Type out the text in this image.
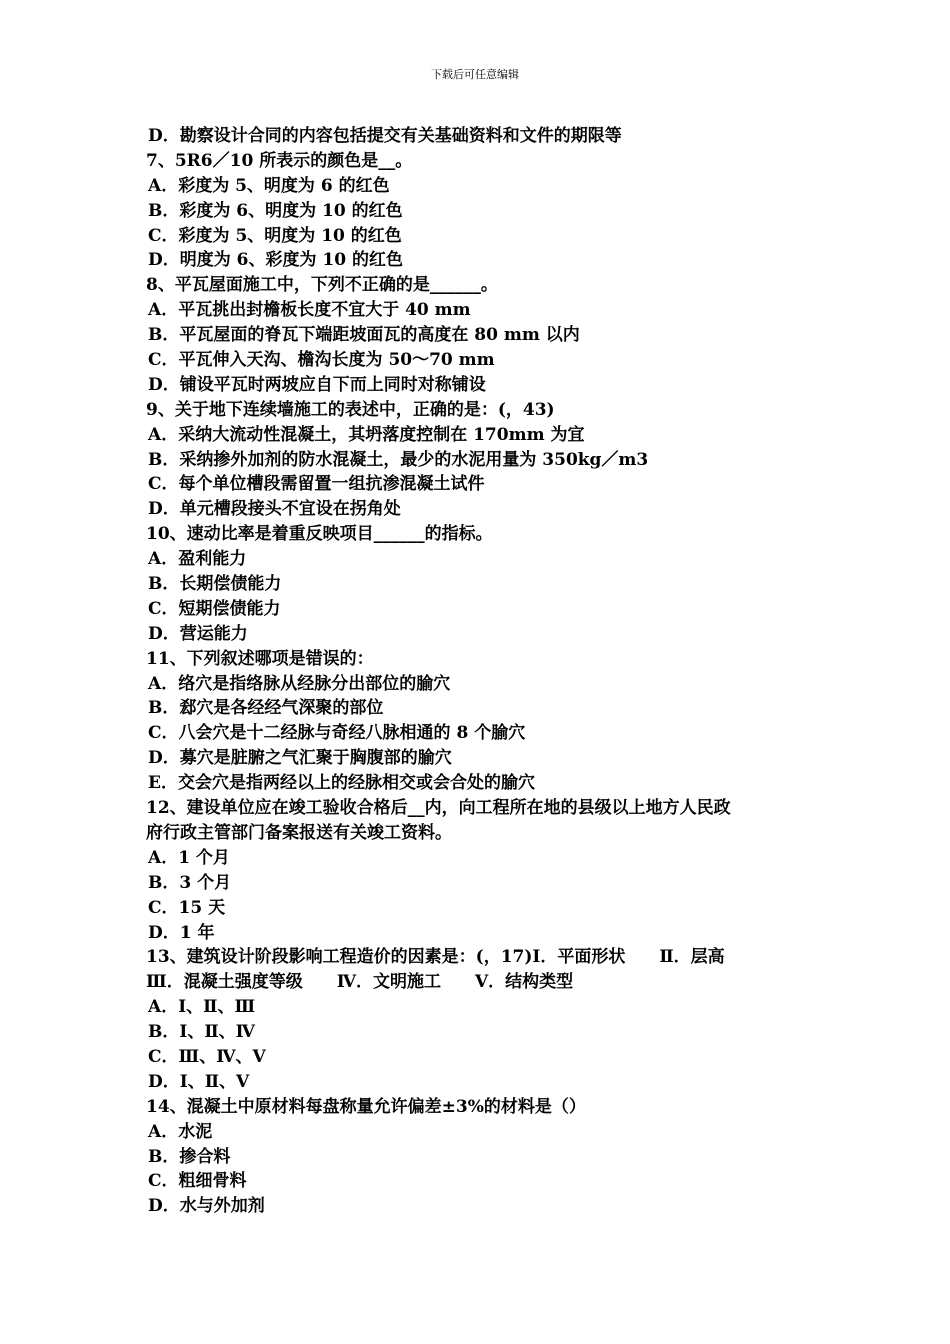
下载后可任意编辑
D．勘察设计合同的内容包括提交有关基础资料和文件的期限等
7、5R6／10 所表示的颜色是__。
A．彩度为 5、明度为 6 的红色
B．彩度为 6、明度为 10 的红色
C．彩度为 5、明度为 10 的红色
D．明度为 6、彩度为 10 的红色
8、平瓦屋面施工中，下列不正确的是______。
A．平瓦挑出封檐板长度不宜大于 40 mm
B．平瓦屋面的脊瓦下端距坡面瓦的高度在 80 mm 以内
C．平瓦伸入天沟、檐沟长度为 50～70 mm
D．铺设平瓦时两坡应自下而上同时对称铺设
9、关于地下连续墙施工的表述中，正确的是：(，43)
A．采纳大流动性混凝土，其坍落度控制在 170mm 为宜
B．采纳掺外加剂的防水混凝土，最少的水泥用量为 350kg／m3
C．每个单位槽段需留置一组抗渗混凝土试件
D．单元槽段接头不宜设在拐角处
10、速动比率是着重反映项目______的指标。
A．盈利能力
B．长期偿债能力
C．短期偿债能力
D．营运能力
11、下列叙述哪项是错误的：
A．络穴是指络脉从经脉分出部位的腧穴
B．郄穴是各经经气深聚的部位
C．八会穴是十二经脉与奇经八脉相通的 8 个腧穴
D．募穴是脏腑之气汇聚于胸腹部的腧穴
E．交会穴是指两经以上的经脉相交或会合处的腧穴
12、建设单位应在竣工验收合格后__内，向工程所在地的县级以上地方人民政
府行政主管部门备案报送有关竣工资料。
A．1 个月
B．3 个月
C．15 天
D．1 年
13、建筑设计阶段影响工程造价的因素是：(，17)Ⅰ．平面形状　　Ⅱ．层高
Ⅲ．混凝土强度等级　　Ⅳ．文明施工　　Ⅴ．结构类型
A．Ⅰ、Ⅱ、Ⅲ
B．Ⅰ、Ⅱ、Ⅳ
C．Ⅲ、Ⅳ、Ⅴ
D．Ⅰ、Ⅱ、Ⅴ
14、混凝土中原材料每盘称量允许偏差±3%的材料是（）
A．水泥
B．掺合料
C．粗细骨料
D．水与外加剂
